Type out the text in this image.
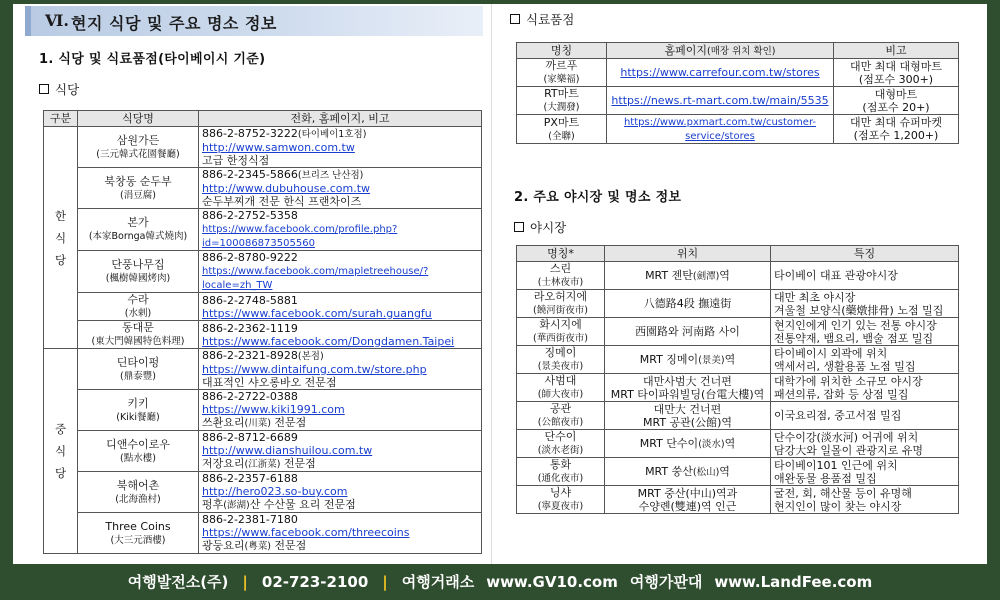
Ⅵ. 현지 식당 및 주요 명소 정보
1. 식당 및 식료품점(타이베이시 기준)
식당
구분	식당명	전화, 홈페이지, 비고
한
식
당	삼원가든
(三元韓式花園餐廳)	886-2-8752-3222(타이베이1호점)
http://www.samwon.com.tw
고급 한정식점
	북창동 순두부
(涓豆腐)	886-2-2345-5866(브리즈 난산점)
http://www.dubuhouse.com.tw
순두부찌개 전문 한식 프랜차이즈
	본가
(本家Bornga韓式燒肉)	886-2-2752-5358
https://www.facebook.com/profile.php?id=100086873505560
	단풍나무집
(楓樹韓國烤肉)	886-2-8780-9222
https://www.facebook.com/mapletreehouse/?locale=zh_TW
	수라
(水剌)	886-2-2748-5881
https://www.facebook.com/surah.guangfu
	동대문
(東大門韓國特色料理)	886-2-2362-1119
https://www.facebook.com/Dongdamen.Taipei
중
식
당	딘타이펑
(鼎泰豐)	886-2-2321-8928(본점)
https://www.dintaifung.com.tw/store.php
대표적인 샤오롱바오 전문점
	키키
(Kiki餐廳)	886-2-2722-0388
https://www.kiki1991.com
쓰촨요리(川菜) 전문점
	디앤수이로우
(點水樓)	886-2-8712-6689
http://www.dianshuilou.com.tw
저장요리(江浙菜) 전문점
	북해어촌
(北海漁村)	886-2-2357-6188
http://hero023.so-buy.com
펑후(澎湖)산 수산물 요리 전문점
	Three Coins
(大三元酒樓)	886-2-2381-7180
https://www.facebook.com/threecoins
광둥요리(粵菜) 전문점
식료품점
명칭	홈페이지(매장 위치 확인)	비고
까르푸
(家樂福)	https://www.carrefour.com.tw/stores	대만 최대 대형마트
(점포수 300+)
RT마트
(大潤發)	https://news.rt-mart.com.tw/main/5535	대형마트
(점포수 20+)
PX마트
(全聯)	https://www.pxmart.com.tw/customer-service/stores	대만 최대 슈퍼마켓
(점포수 1,200+)
2. 주요 야시장 및 명소 정보
야시장
명칭*	위치	특징
스린
(士林夜市)	MRT 젠탄(劍潭)역	타이베이 대표 관광야시장
라오허지에
(饒河街夜市)	八德路4段 撫遠街	대만 최초 야시장
겨울철 보양식(藥燉排骨) 노점 밀집
화시지에
(華西街夜市)	西園路와 河南路 사이	현지인에게 인기 있는 전통 야시장
전통약재, 뱀요리, 뱀술 점포 밀집
징메이
(景美夜市)	MRT 징메이(景美)역	타이베이시 외곽에 위치
액세서리, 생활용품 노점 밀집
사범대
(師大夜市)	대만사범大 건너편
MRT 타이파워빌딩(台電大樓)역	대학가에 위치한 소규모 야시장
패션의류, 잡화 등 상점 밀집
공관
(公館夜市)	대만大 건너편
MRT 공관(公館)역	이국요리점, 중고서점 밀집
단수이
(淡水老街)	MRT 단수이(淡水)역	단수이강(淡水河) 어귀에 위치
담강大와 일몰이 관광지로 유명
통화
(通化夜市)	MRT 쑹산(松山)역	타이베이101 인근에 위치
애완동물 용품점 밀집
닝샤
(寧夏夜市)	MRT 중산(中山)역과
수양롄(雙連)역 인근	굴전, 회, 해산물 등이 유명해
현지인이 많이 찾는 야시장
여행발전소(주) | 02-723-2100 | 여행거래소 www.GV10.com 여행가판대 www.LandFee.com
